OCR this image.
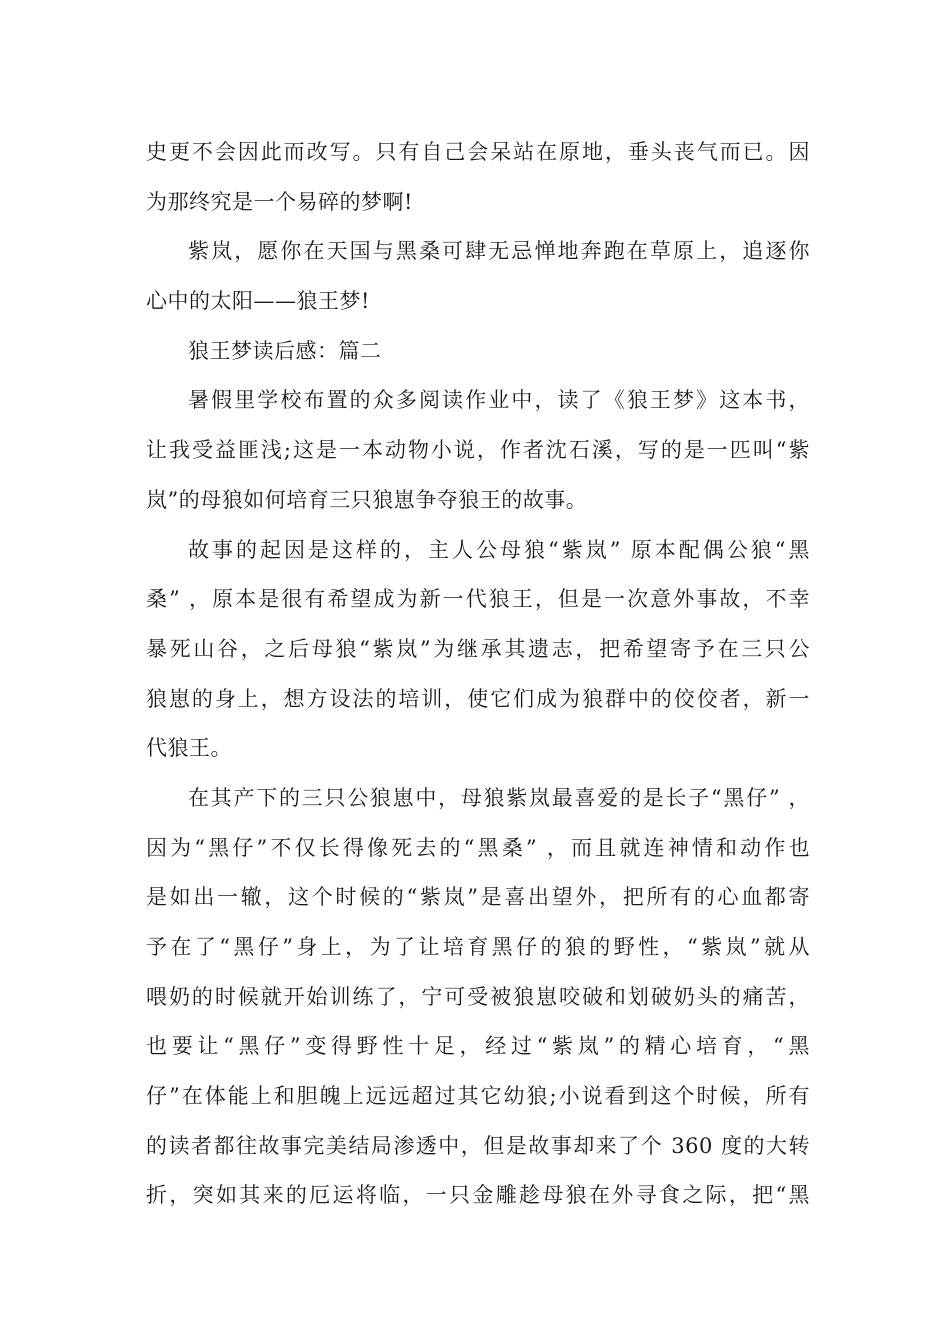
史更不会因此而改写。只有自己会呆站在原地，垂头丧气而已。因
为那终究是一个易碎的梦啊!
紫岚，愿你在天国与黑桑可肆无忌惮地奔跑在草原上，追逐你
心中的太阳——狼王梦!
狼王梦读后感：篇二
暑假里学校布置的众多阅读作业中，读了《狼王梦》这本书，
让我受益匪浅;这是一本动物小说，作者沈石溪，写的是一匹叫“紫
岚”的母狼如何培育三只狼崽争夺狼王的故事。
故事的起因是这样的，主人公母狼“紫岚” 原本配偶公狼“黑
桑” ，原本是很有希望成为新一代狼王，但是一次意外事故，不幸
暴死山谷，之后母狼“紫岚”为继承其遗志，把希望寄予在三只公
狼崽的身上，想方设法的培训，使它们成为狼群中的佼佼者，新一
代狼王。
在其产下的三只公狼崽中，母狼紫岚最喜爱的是长子“黑仔” ，
因为“黑仔”不仅长得像死去的“黑桑” ，而且就连神情和动作也
是如出一辙，这个时候的“紫岚”是喜出望外，把所有的心血都寄
予在了“黑仔”身上，为了让培育黑仔的狼的野性，“紫岚”就从
喂奶的时候就开始训练了，宁可受被狼崽咬破和划破奶头的痛苦，
也要让“黑仔”变得野性十足，经过“紫岚”的精心培育，“黑
仔”在体能上和胆魄上远远超过其它幼狼;小说看到这个时候，所有
的读者都往故事完美结局渗透中，但是故事却来了个 360 度的大转
折，突如其来的厄运将临，一只金雕趁母狼在外寻食之际，把“黑
